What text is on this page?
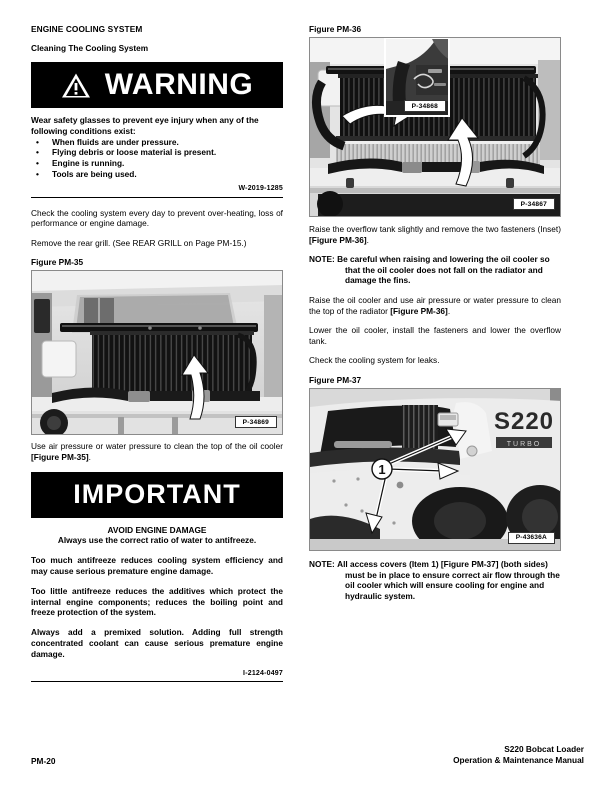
ENGINE COOLING SYSTEM
Cleaning The Cooling System
WARNING
Wear safety glasses to prevent eye injury when any of the following conditions exist:
• When fluids are under pressure.
• Flying debris or loose material is present.
• Engine is running.
• Tools are being used.
W-2019-1285

Check the cooling system every day to prevent over-heating, loss of performance or engine damage.

Remove the rear grill. (See REAR GRILL on Page PM-15.)

Figure PM-35
P-34869

Use air pressure or water pressure to clean the top of the oil cooler [Figure PM-35].

IMPORTANT
AVOID ENGINE DAMAGE
Always use the correct ratio of water to antifreeze.
Too much antifreeze reduces cooling system efficiency and may cause serious premature engine damage.
Too little antifreeze reduces the additives which protect the internal engine components; reduces the boiling point and freeze protection of the system.
Always add a premixed solution. Adding full strength concentrated coolant can cause serious premature engine damage.
I-2124-0497
Figure PM-36
P-34868
P-34867

Raise the overflow tank slightly and remove the two fasteners (Inset) [Figure PM-36].

NOTE: Be careful when raising and lowering the oil cooler so that the oil cooler does not fall on the radiator and damage the fins.

Raise the oil cooler and use air pressure or water pressure to clean the top of the radiator [Figure PM-36].

Lower the oil cooler, install the fasteners and lower the overflow tank.

Check the cooling system for leaks.

Figure PM-37
S220
TURBO
1
P-43636A

NOTE: All access covers (Item 1) [Figure PM-37] (both sides) must be in place to ensure correct air flow through the oil cooler which will ensure cooling for engine and hydraulic system.

PM-20
S220 Bobcat Loader
Operation & Maintenance Manual
